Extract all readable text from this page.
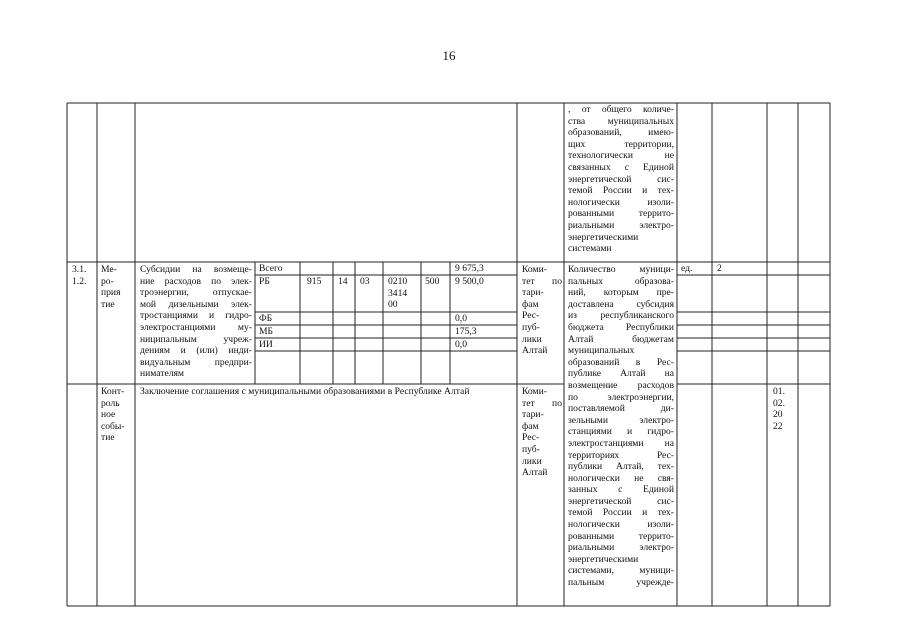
16
, от общего количе-
ства муниципальных
образований, имею-
щих территории,
технологически не
связанных с Единой
энергетической сис-
темой России и тех-
нологически изоли-
рованными террито-
риальными электро-
энергетическими
системами
3.1.
1.2.
Ме-
ро-
прия
тие
Субсидии на возмеще-
ние расходов по элек-
троэнергии, отпускае-
мой дизельными элек-
тростанциями и гидро-
электростанциями му-
ниципальным учреж-
дениям и (или) инди-
видуальным предпри-
нимателям
Всего
РБ
ФБ
МБ
ИИ
915 14 03 0210
3414
00
500
9 675,3
9 500,0
0,0
175,3
0,0
Коми-
тет по
тари-
фам
Рес-
пуб-
лики
Алтай
Количество муници-
пальных образова-
ний, которым пре-
доставлена субсидия
из республиканского
бюджета Республики
Алтай бюджетам
муниципальных
образований в Рес-
публике Алтай на
возмещение расходов
по электроэнергии,
поставляемой ди-
зельными электро-
станциями и гидро-
электростанциями на
территориях Рес-
публики Алтай, тех-
нологически не свя-
занных с Единой
энергетической сис-
темой России и тех-
нологически изоли-
рованными террито-
риальными электро-
энергетическими
системами, муници-
пальным учрежде-
ед.	2
Конт-
роль
ное
собы-
тие
Заключение соглашения с муниципальными образованиями в Республике Алтай	Коми-
тет по
тари-
фам
Рес-
пуб-
лики
Алтай
01.
02.
20
22
